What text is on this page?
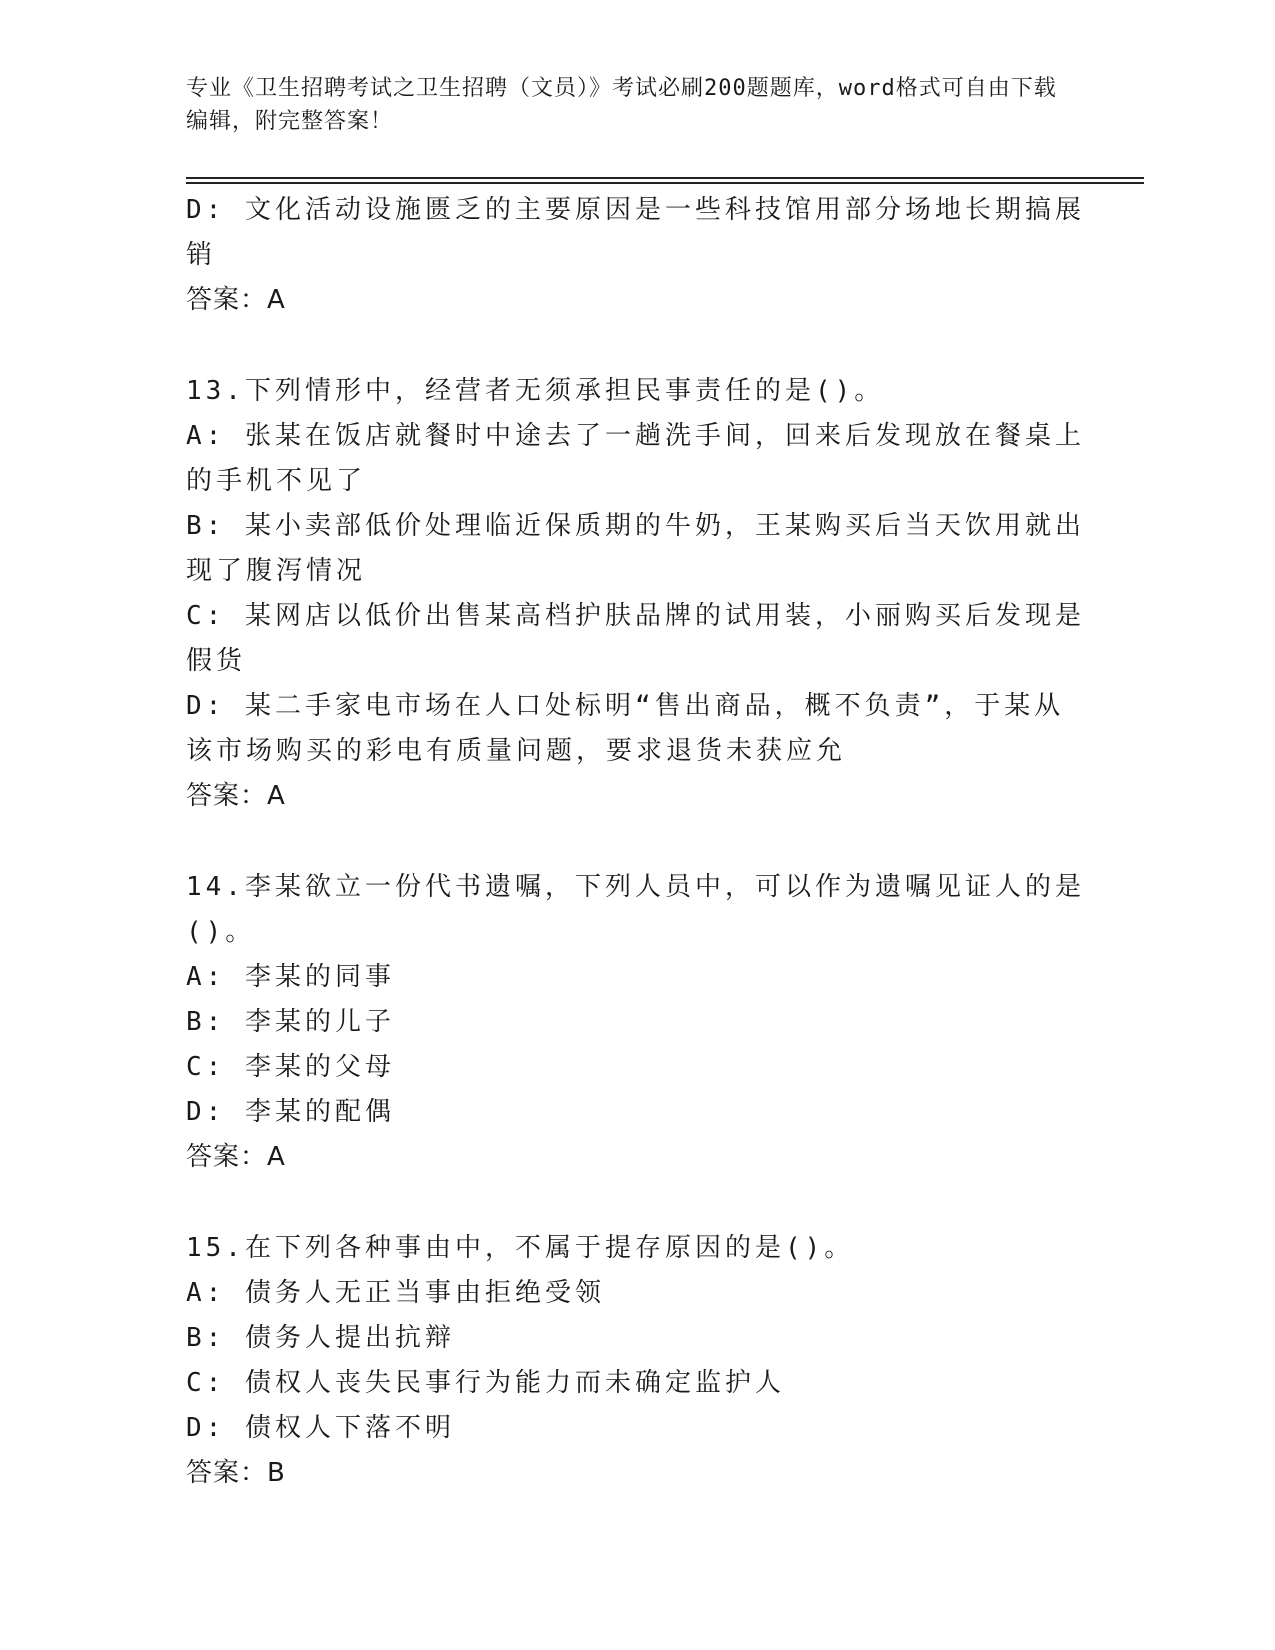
专业《卫生招聘考试之卫生招聘（文员）》考试必刷200题题库，word格式可自由下载编辑，附完整答案！

D: 文化活动设施匮乏的主要原因是一些科技馆用部分场地长期搞展销

答案：A

13.下列情形中，经营者无须承担民事责任的是()。

A: 张某在饭店就餐时中途去了一趟洗手间，回来后发现放在餐桌上的手机不见了

B: 某小卖部低价处理临近保质期的牛奶，王某购买后当天饮用就出现了腹泻情况

C: 某网店以低价出售某高档护肤品牌的试用装，小丽购买后发现是假货

D: 某二手家电市场在人口处标明“售出商品，概不负责”，于某从该市场购买的彩电有质量问题，要求退货未获应允

答案：A

14.李某欲立一份代书遗嘱，下列人员中，可以作为遗嘱见证人的是()。

A: 李某的同事

B: 李某的儿子

C: 李某的父母

D: 李某的配偶

答案：A

15.在下列各种事由中，不属于提存原因的是()。

A: 债务人无正当事由拒绝受领

B: 债务人提出抗辩

C: 债权人丧失民事行为能力而未确定监护人

D: 债权人下落不明

答案：B
